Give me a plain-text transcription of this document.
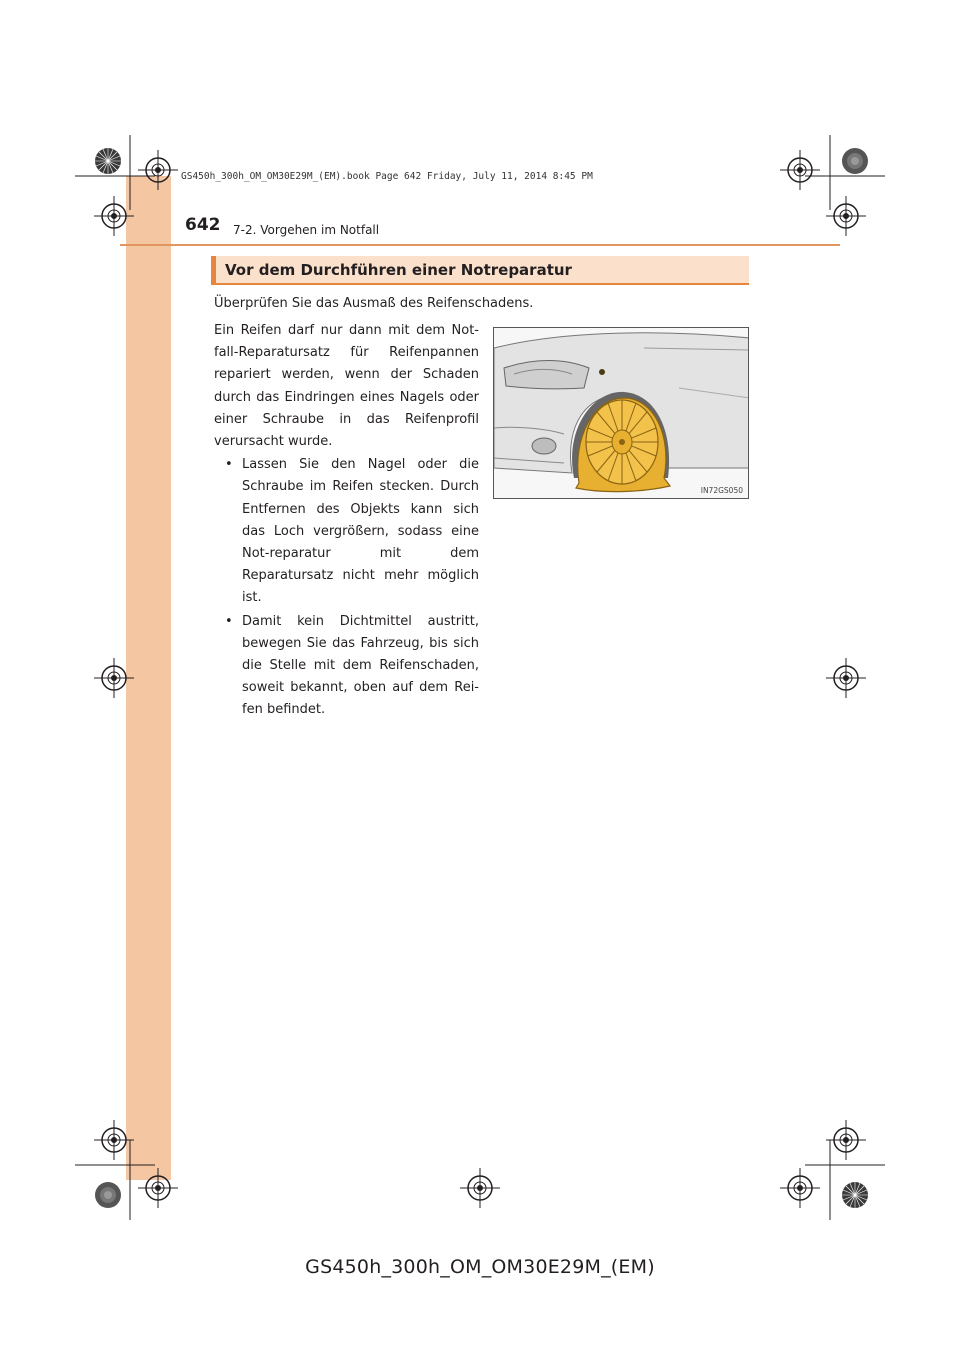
GS450h_300h_OM_OM30E29M_(EM).book Page 642 Friday, July 11, 2014 8:45 PM
642 7-2. Vorgehen im Notfall
Vor dem Durchführen einer Notreparatur
Überprüfen Sie das Ausmaß des Reifenschadens.

Ein Reifen darf nur dann mit dem Not-fall-Reparatursatz für Reifenpannen repariert werden, wenn der Schaden durch das Eindringen eines Nagels oder einer Schraube in das Reifenprofil verursacht wurde.

• Lassen Sie den Nagel oder die Schraube im Reifen stecken. Durch Entfernen des Objekts kann sich das Loch vergrößern, sodass eine Not-reparatur mit dem Reparatursatz nicht mehr möglich ist.
• Damit kein Dichtmittel austritt, bewegen Sie das Fahrzeug, bis sich die Stelle mit dem Reifenschaden, soweit bekannt, oben auf dem Rei-fen befindet.
IN72GS050
GS450h_300h_OM_OM30E29M_(EM)
